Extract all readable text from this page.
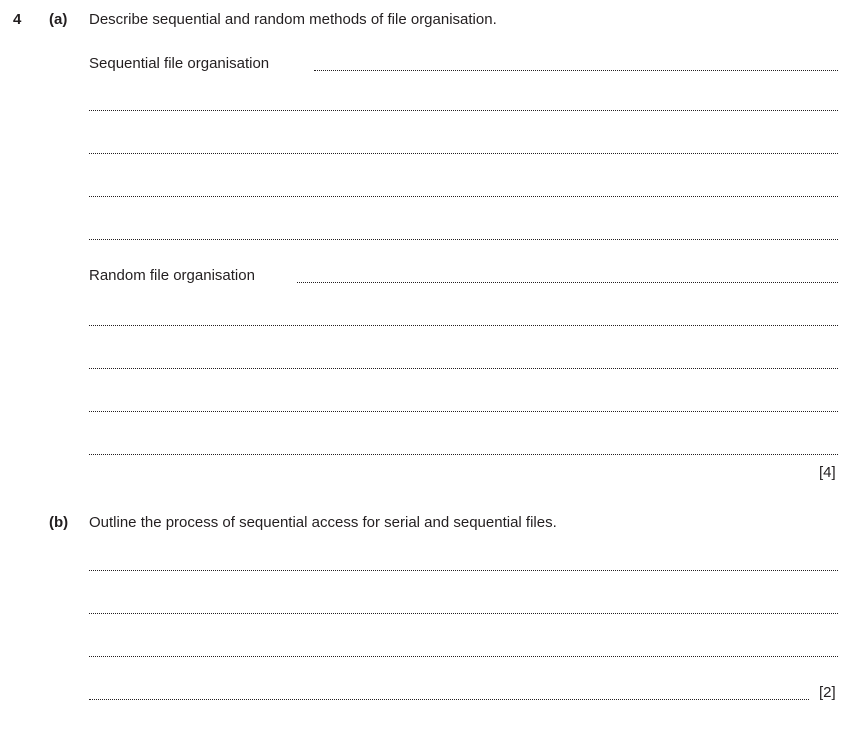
4 (a) Describe sequential and random methods of file organisation.
Sequential file organisation
Random file organisation
[4]
(b) Outline the process of sequential access for serial and sequential files.
[2]
